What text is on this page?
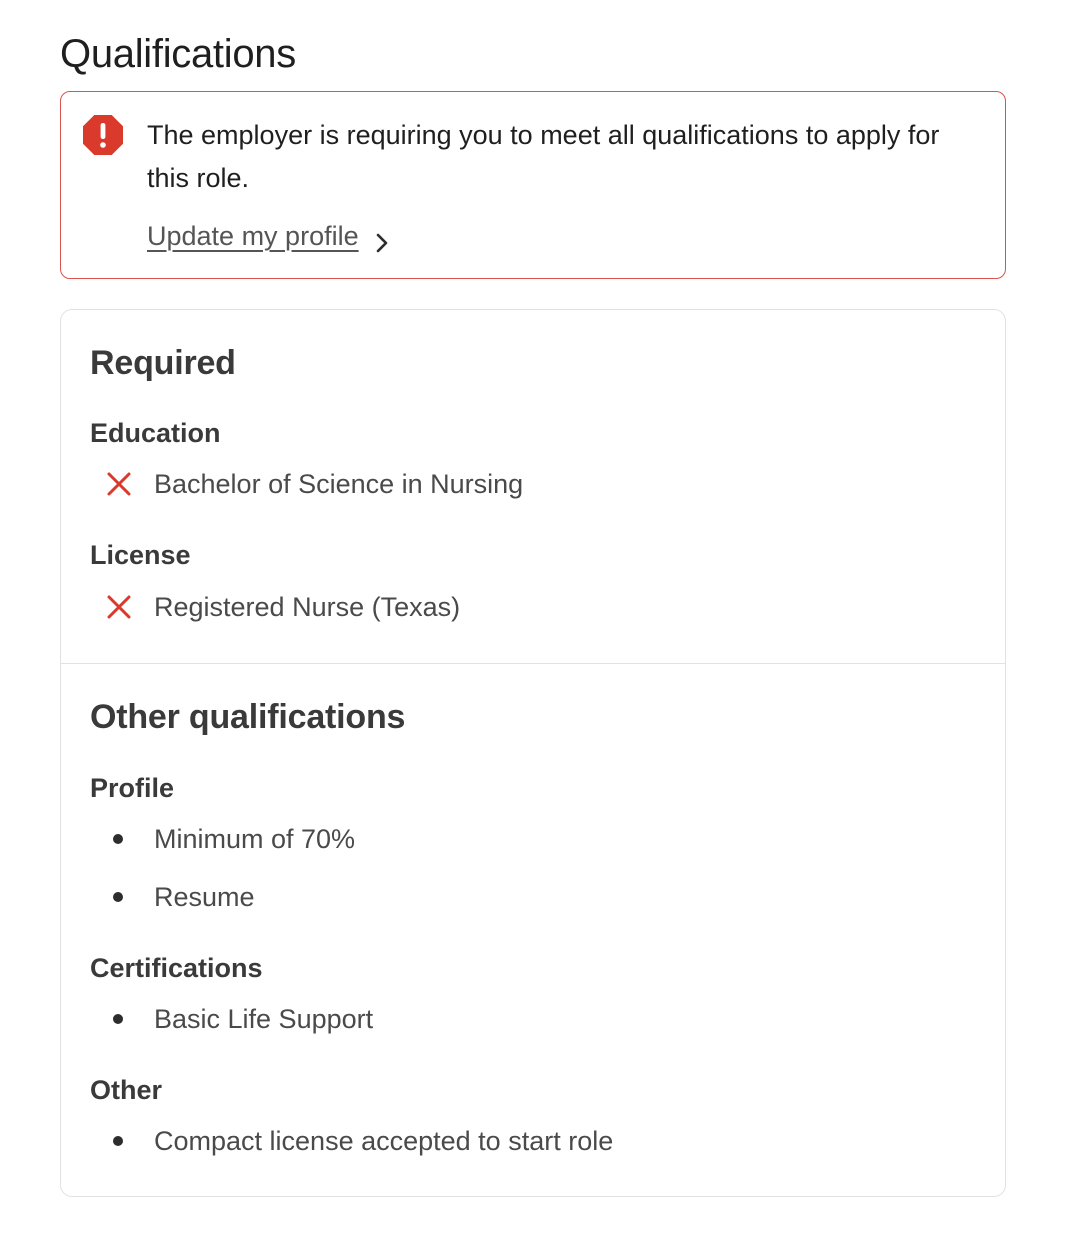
Qualifications

The employer is requiring you to meet all qualifications to apply for this role.

Update my profile
Required
Education
Bachelor of Science in Nursing
License
Registered Nurse (Texas)
Other qualifications
Profile
Minimum of 70%
Resume
Certifications
Basic Life Support
Other
Compact license accepted to start role
